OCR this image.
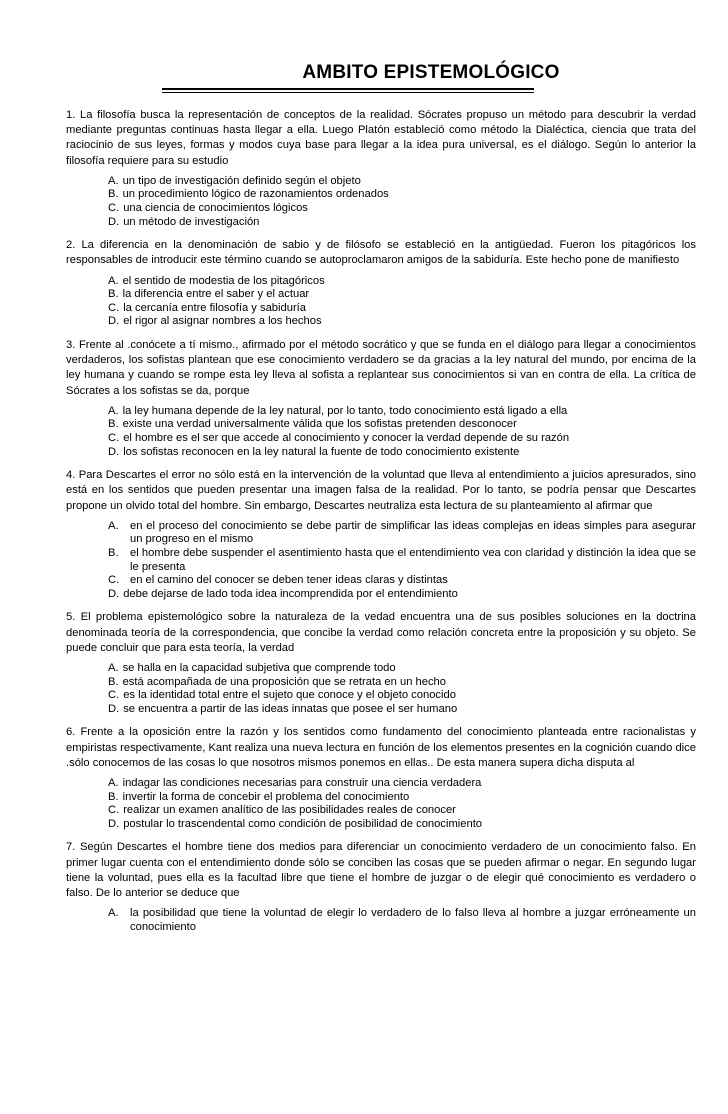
AMBITO EPISTEMOLÓGICO

1. La filosofía busca la representación de conceptos de la realidad. Sócrates propuso un método para descubrir la verdad mediante preguntas continuas hasta llegar a ella. Luego Platón estableció como método la Dialéctica, ciencia que trata del raciocinio de sus leyes, formas y modos cuya base para llegar a la idea pura universal, es el diálogo. Según lo anterior la filosofía requiere para su estudio

A. un tipo de investigación definido según el objeto
B. un procedimiento lógico de razonamientos ordenados
C. una ciencia de conocimientos lógicos
D. un método de investigación

2. La diferencia en la denominación de sabio y de filósofo se estableció en la antigüedad. Fueron los pitagóricos los responsables de introducir este término cuando se autoproclamaron amigos de la sabiduría. Este hecho pone de manifiesto

A. el sentido de modestia de los pitagóricos
B. la diferencia entre el saber y el actuar
C. la cercanía entre filosofía y sabiduría
D. el rigor al asignar nombres a los hechos

3. Frente al .conócete a tí mismo., afirmado por el método socrático y que se funda en el diálogo para llegar a conocimientos verdaderos, los sofistas plantean que ese conocimiento verdadero se da gracias a la ley natural del mundo, por encima de la ley humana y cuando se rompe esta ley lleva al sofista a replantear sus conocimientos si van en contra de ella. La crítica de Sócrates a los sofistas se da, porque

A. la ley humana depende de la ley natural, por lo tanto, todo conocimiento está ligado a ella
B. existe una verdad universalmente válida que los sofistas pretenden desconocer
C. el hombre es el ser que accede al conocimiento y conocer la verdad depende de su razón
D. los sofistas reconocen en la ley natural la fuente de todo conocimiento existente

4. Para Descartes el error no sólo está en la intervención de la voluntad que lleva al entendimiento a juicios apresurados, sino está en los sentidos que pueden presentar una imagen falsa de la realidad. Por lo tanto, se podría pensar que Descartes propone un olvido total del hombre. Sin embargo, Descartes neutraliza esta lectura de su planteamiento al afirmar que

A.	en el proceso del conocimiento se debe partir de simplificar las ideas complejas en ideas simples para asegurar un progreso en el mismo
B.	el hombre debe suspender el asentimiento hasta que el entendimiento vea con claridad y distinción la idea que se le presenta
C. en el camino del conocer se deben tener ideas claras y distintas
D. debe dejarse de lado toda idea incomprendida por el entendimiento

5. El problema epistemológico sobre la naturaleza de la vedad encuentra una de sus posibles soluciones en la doctrina denominada teoría de la correspondencia, que concibe la verdad como relación concreta entre la proposición y su objeto. Se puede concluir que para esta teoría, la verdad

A. se halla en la capacidad subjetiva que comprende todo
B. está acompañada de una proposición que se retrata en un hecho
C. es la identidad total entre el sujeto que conoce y el objeto conocido
D. se encuentra a partir de las ideas innatas que posee el ser humano

6. Frente a la oposición entre la razón y los sentidos como fundamento del conocimiento planteada entre racionalistas y empiristas respectivamente, Kant realiza una nueva lectura en función de los elementos presentes en la cognición cuando dice .sólo conocemos de las cosas lo que nosotros mismos ponemos en ellas.. De esta manera supera dicha disputa al

A. indagar las condiciones necesarias para construir una ciencia verdadera
B. invertir la forma de concebir el problema del conocimiento
C. realizar un examen analítico de las posibilidades reales de conocer
D. postular lo trascendental como condición de posibilidad de conocimiento

7. Según Descartes el hombre tiene dos medios para diferenciar un conocimiento verdadero de un conocimiento falso. En primer lugar cuenta con el entendimiento donde sólo se conciben las cosas que se pueden afirmar o negar. En segundo lugar tiene la voluntad, pues ella es la facultad libre que tiene el hombre de juzgar o de elegir qué conocimiento es verdadero o falso. De lo anterior se deduce que

A.	la posibilidad que tiene la voluntad de elegir lo verdadero de lo falso lleva al hombre a juzgar erróneamente un conocimiento
